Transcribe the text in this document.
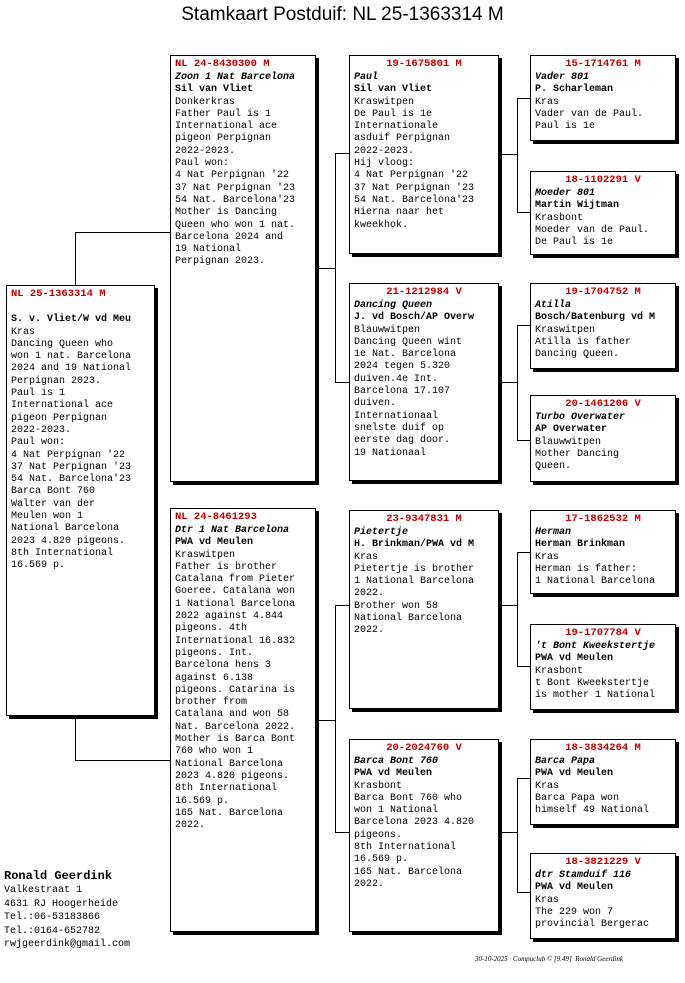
Stamkaart Postduif: NL 25-1363314 M
NL 25-1363314 M

S. v. Vliet/W vd Meu
Kras
Dancing Queen who
won 1 nat. Barcelona
2024 and 19 National
Perpignan 2023.
Paul is 1
International ace
pigeon Perpignan
2022-2023.
Paul won:
4 Nat Perpignan '22
37 Nat Perpignan '23
54 Nat. Barcelona'23
Barca Bont 760
Walter van der
Meulen won 1
National Barcelona
2023 4.820 pigeons.
8th International
16.569 p.
NL 24-8430300 M
Zoon 1 Nat Barcelona
Sil van Vliet
Donkerkras
Father Paul is 1
International ace
pigeon Perpignan
2022-2023.
Paul won:
4 Nat Perpignan '22
37 Nat Perpignan '23
54 Nat. Barcelona'23
Mother is Dancing
Queen who won 1 nat.
Barcelona 2024 and
19 National
Perpignan 2023.
NL 24-8461293
Dtr 1 Nat Barcelona
PWA vd Meulen
Kraswitpen
Father is brother
Catalana from Pieter
Goeree. Catalana won
1 National Barcelona
2022 against 4.844
pigeons. 4th
International 16.832
pigeons. Int.
Barcelona hens 3
against 6.138
pigeons. Catarina is
brother from
Catalana and won 58
Nat. Barcelona 2022.
Mother is Barca Bont
760 who won 1
National Barcelona
2023 4.820 pigeons.
8th International
16.569 p.
165 Nat. Barcelona
2022.
19-1675801 M
Paul
Sil van Vliet
Kraswitpen
De Paul is 1e
Internationale
asduif Perpignan
2022-2023.
Hij vloog:
4 Nat Perpignan '22
37 Nat Perpignan '23
54 Nat. Barcelona'23
Hierna naar het
kweekhok.
21-1212984 V
Dancing Queen
J. vd Bosch/AP Overw
Blauwwitpen
Dancing Queen wint
1e Nat. Barcelona
2024 tegen 5.320
duiven.4e Int.
Barcelona 17.107
duiven.
Internationaal
snelste duif op
eerste dag door.
19 Nationaal
23-9347831 M
Pietertje
H. Brinkman/PWA vd M
Kras
Pietertje is brother
1 National Barcelona
2022.
Brother won 58
National Barcelona
2022.
20-2024760 V
Barca Bont 760
PWA vd Meulen
Krasbont
Barca Bont 760 who
won 1 National
Barcelona 2023 4.820
pigeons.
8th International
16.569 p.
165 Nat. Barcelona
2022.
15-1714761 M
Vader 801
P. Scharleman
Kras
Vader van de Paul.
Paul is 1e
18-1102291 V
Moeder 801
Martin Wijtman
Krasbont
Moeder van de Paul.
De Paul is 1e
19-1704752 M
Atilla
Bosch/Batenburg vd M
Kraswitpen
Atilla is father
Dancing Queen.
20-1461206 V
Turbo Overwater
AP Overwater
Blauwwitpen
Mother Dancing
Queen.
17-1862532 M
Herman
Herman Brinkman
Kras
Herman is father:
1 National Barcelona
19-1707784 V
't Bont Kweekstertje
PWA vd Meulen
Krasbont
t Bont Kweekstertje
is mother 1 National
18-3834264 M
Barca Papa
PWA vd Meulen
Kras
Barca Papa won
himself 49 National
18-3821229 V
dtr Stamduif 116
PWA vd Meulen
Kras
The 229 won 7
provincial Bergerac
Ronald Geerdink
Valkestraat 1
4631 RJ Hoogerheide
Tel.:06-53183866
Tel.:0164-652782
rwjgeerdink@gmail.com
30-10-2025   Compuclub © [9.49]  Ronald Geerdink
